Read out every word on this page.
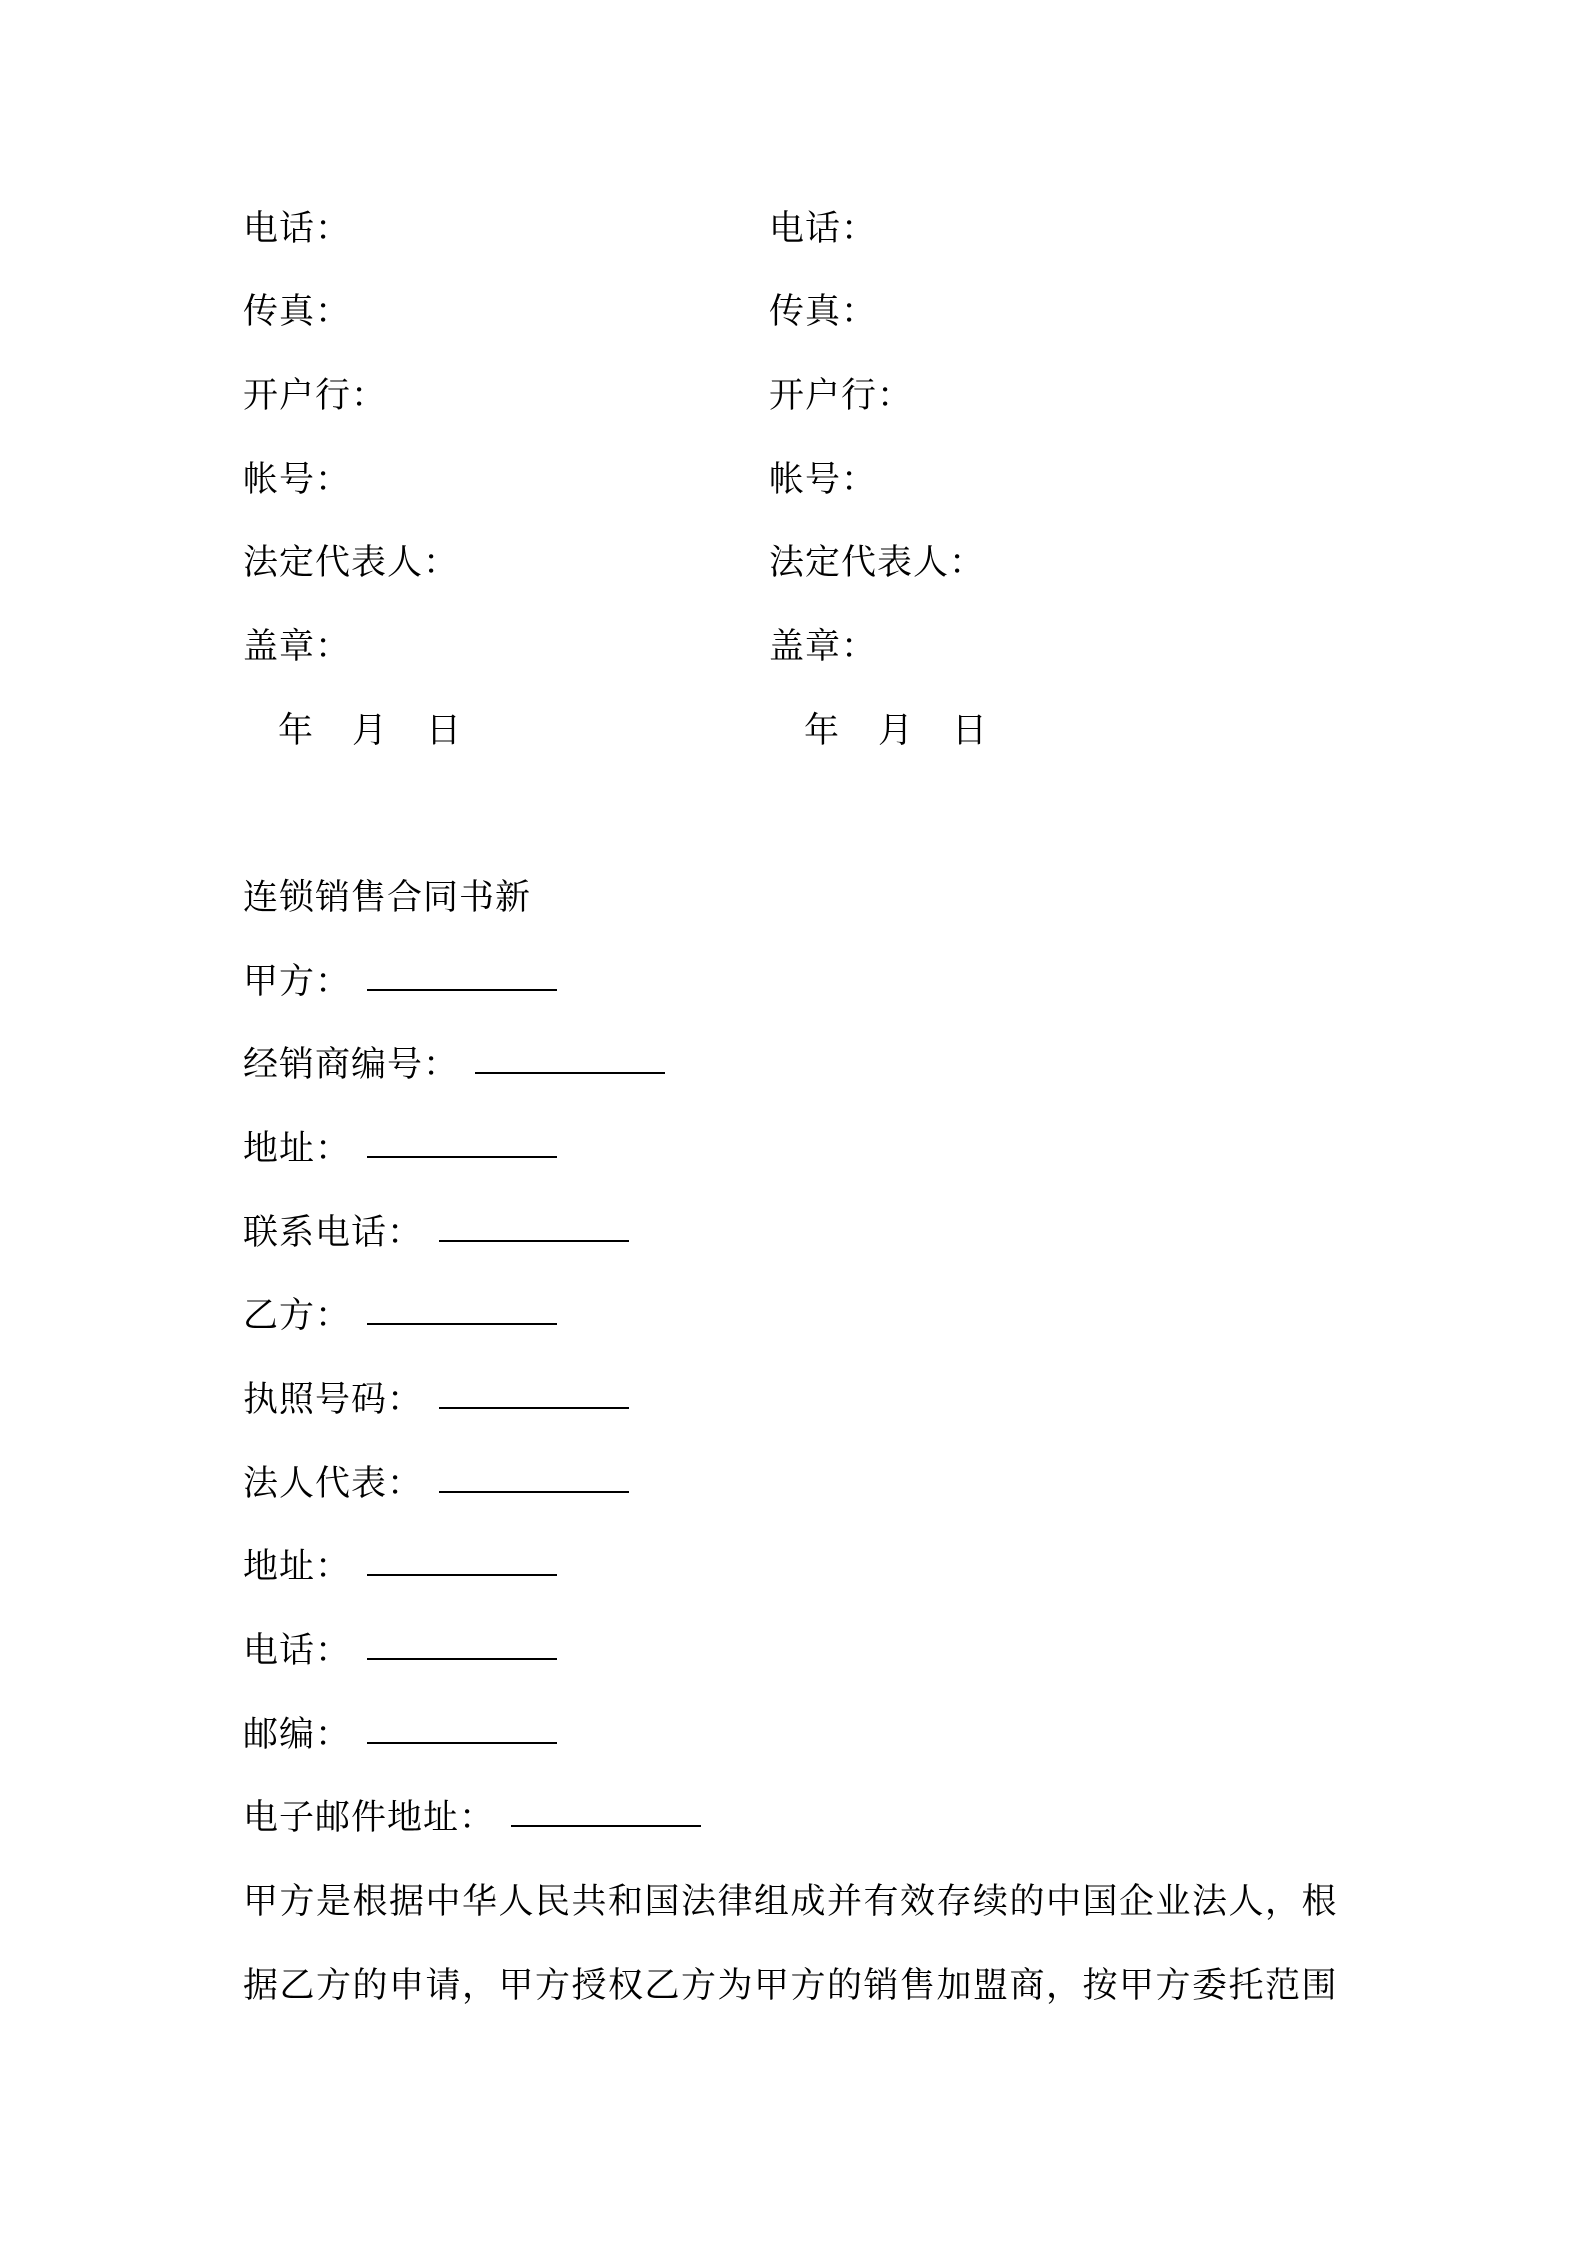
电话：
传真：
开户行：
帐号：
法定代表人：
盖章：
年 月 日
电话：
传真：
开户行：
帐号：
法定代表人：
盖章：
年 月 日
连锁销售合同书新
甲方：
经销商编号：
地址：
联系电话：
乙方：
执照号码：
法人代表：
地址：
电话：
邮编：
电子邮件地址：
甲方是根据中华人民共和国法律组成并有效存续的中国企业法人，根
据乙方的申请，甲方授权乙方为甲方的销售加盟商，按甲方委托范围
